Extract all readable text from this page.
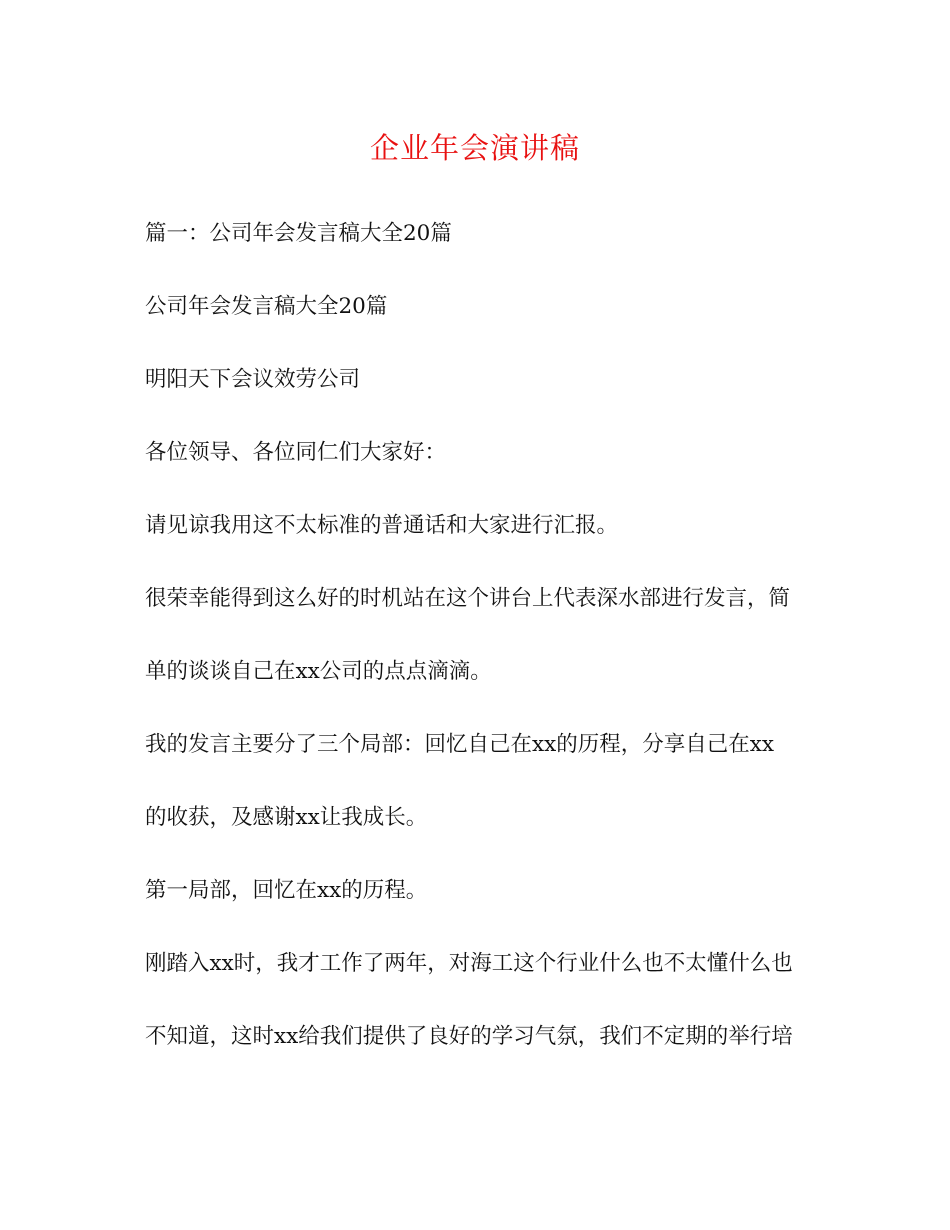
企业年会演讲稿

篇一：公司年会发言稿大全20篇

公司年会发言稿大全20篇

明阳天下会议效劳公司

各位领导、各位同仁们大家好：

请见谅我用这不太标准的普通话和大家进行汇报。

很荣幸能得到这么好的时机站在这个讲台上代表深水部进行发言，简

单的谈谈自己在xx公司的点点滴滴。

我的发言主要分了三个局部：回忆自己在xx的历程，分享自己在xx

的收获，及感谢xx让我成长。

第一局部，回忆在xx的历程。

刚踏入xx时，我才工作了两年，对海工这个行业什么也不太懂什么也

不知道，这时xx给我们提供了良好的学习气氛，我们不定期的举行培
